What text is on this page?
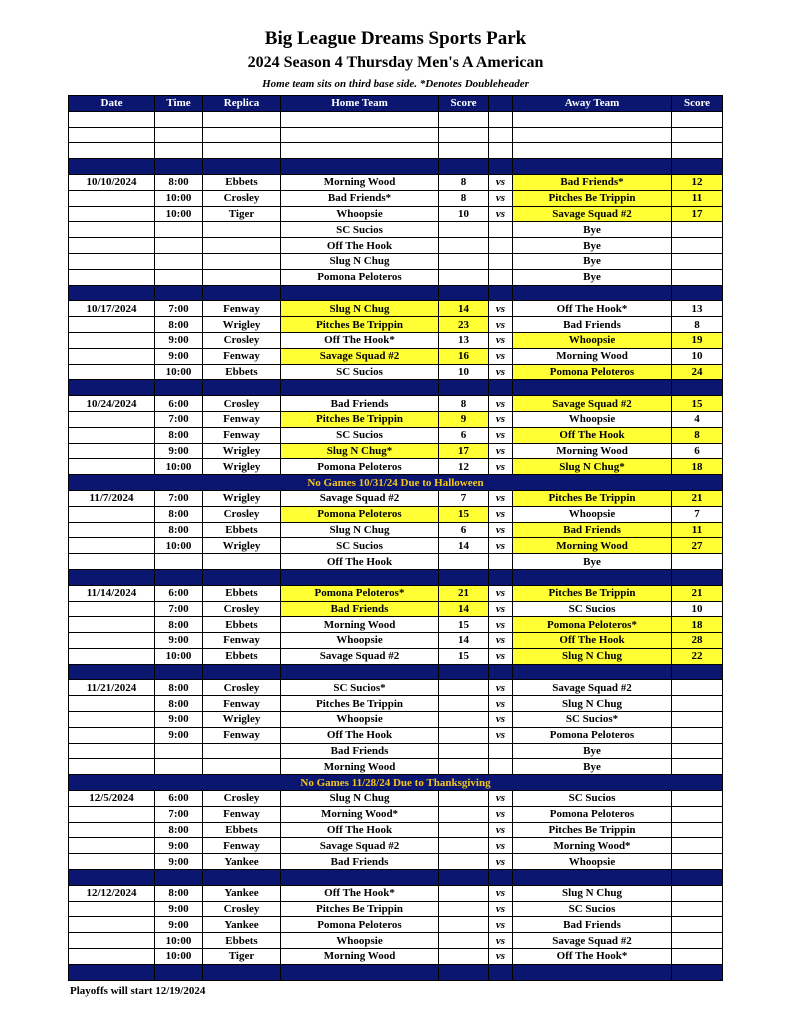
Big League Dreams Sports Park
2024 Season 4 Thursday Men's A American
Home team sits on third base side. *Denotes Doubleheader
Date	Time	Replica	Home Team	Score		Away Team	Score

10/10/2024	8:00	Ebbets	Morning Wood	8	vs	Bad Friends*	12
	10:00	Crosley	Bad Friends*	8	vs	Pitches Be Trippin	11
	10:00	Tiger	Whoopsie	10	vs	Savage Squad #2	17
			SC Sucios			Bye	
			Off The Hook			Bye	
			Slug N Chug			Bye	
			Pomona Peloteros			Bye	

10/17/2024	7:00	Fenway	Slug N Chug	14	vs	Off The Hook*	13
	8:00	Wrigley	Pitches Be Trippin	23	vs	Bad Friends	8
	9:00	Crosley	Off The Hook*	13	vs	Whoopsie	19
	9:00	Fenway	Savage Squad #2	16	vs	Morning Wood	10
	10:00	Ebbets	SC Sucios	10	vs	Pomona Peloteros	24

10/24/2024	6:00	Crosley	Bad Friends	8	vs	Savage Squad #2	15
	7:00	Fenway	Pitches Be Trippin	9	vs	Whoopsie	4
	8:00	Fenway	SC Sucios	6	vs	Off The Hook	8
	9:00	Wrigley	Slug N Chug*	17	vs	Morning Wood	6
	10:00	Wrigley	Pomona Peloteros	12	vs	Slug N Chug*	18
No Games 10/31/24 Due to Halloween							
11/7/2024	7:00	Wrigley	Savage Squad #2	7	vs	Pitches Be Trippin	21
	8:00	Crosley	Pomona Peloteros	15	vs	Whoopsie	7
	8:00	Ebbets	Slug N Chug	6	vs	Bad Friends	11
	10:00	Wrigley	SC Sucios	14	vs	Morning Wood	27
			Off The Hook			Bye	

11/14/2024	6:00	Ebbets	Pomona Peloteros*	21	vs	Pitches Be Trippin	21
	7:00	Crosley	Bad Friends	14	vs	SC Sucios	10
	8:00	Ebbets	Morning Wood	15	vs	Pomona Peloteros*	18
	9:00	Fenway	Whoopsie	14	vs	Off The Hook	28
	10:00	Ebbets	Savage Squad #2	15	vs	Slug N Chug	22

11/21/2024	8:00	Crosley	SC Sucios*		vs	Savage Squad #2	
	8:00	Fenway	Pitches Be Trippin		vs	Slug N Chug	
	9:00	Wrigley	Whoopsie		vs	SC Sucios*	
	9:00	Fenway	Off The Hook		vs	Pomona Peloteros	
			Bad Friends			Bye	
			Morning Wood			Bye	
No Games 11/28/24 Due to Thanksgiving							
12/5/2024	6:00	Crosley	Slug N Chug		vs	SC Sucios	
	7:00	Fenway	Morning Wood*		vs	Pomona Peloteros	
	8:00	Ebbets	Off The Hook		vs	Pitches Be Trippin	
	9:00	Fenway	Savage Squad #2		vs	Morning Wood*	
	9:00	Yankee	Bad Friends		vs	Whoopsie	

12/12/2024	8:00	Yankee	Off The Hook*		vs	Slug N Chug	
	9:00	Crosley	Pitches Be Trippin		vs	SC Sucios	
	9:00	Yankee	Pomona Peloteros		vs	Bad Friends	
	10:00	Ebbets	Whoopsie		vs	Savage Squad #2	
	10:00	Tiger	Morning Wood		vs	Off The Hook*	

Playoffs will start 12/19/2024
